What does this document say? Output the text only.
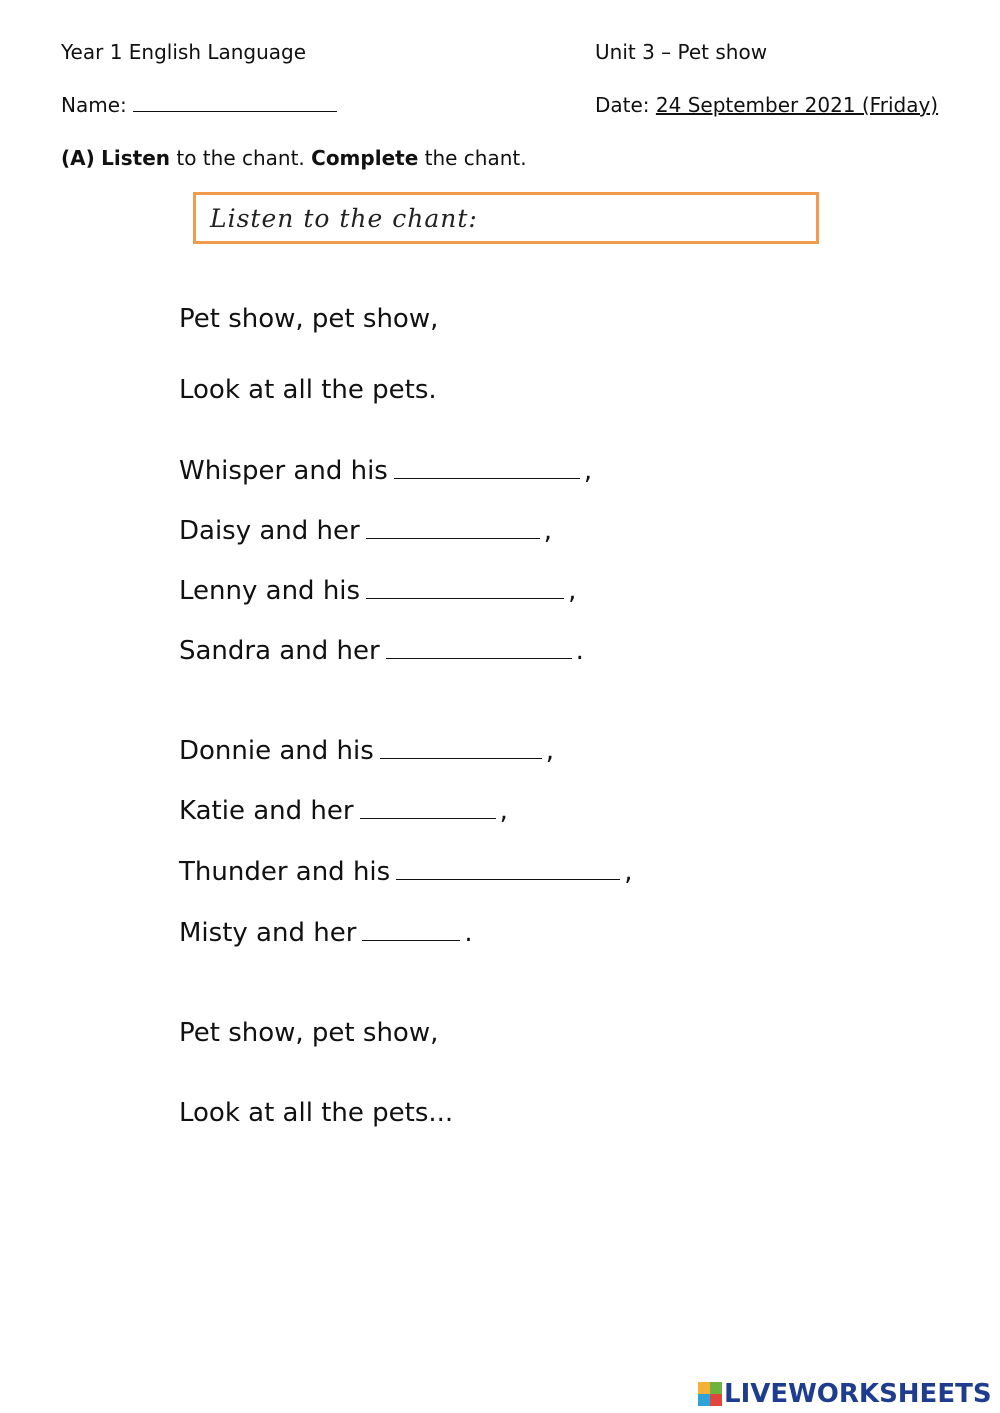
Year 1 English Language	Unit 3 – Pet show
Name:	Date: 24 September 2021 (Friday)
(A) Listen to the chant. Complete the chant.
Listen to the chant:
Pet show, pet show,
Look at all the pets.
Whisper and his	,
Daisy and her	,
Lenny and his	,
Sandra and her	.
Donnie and his	,
Katie and her	,
Thunder and his	,
Misty and her	.
Pet show, pet show,
Look at all the pets...
LIVEWORKSHEETS
